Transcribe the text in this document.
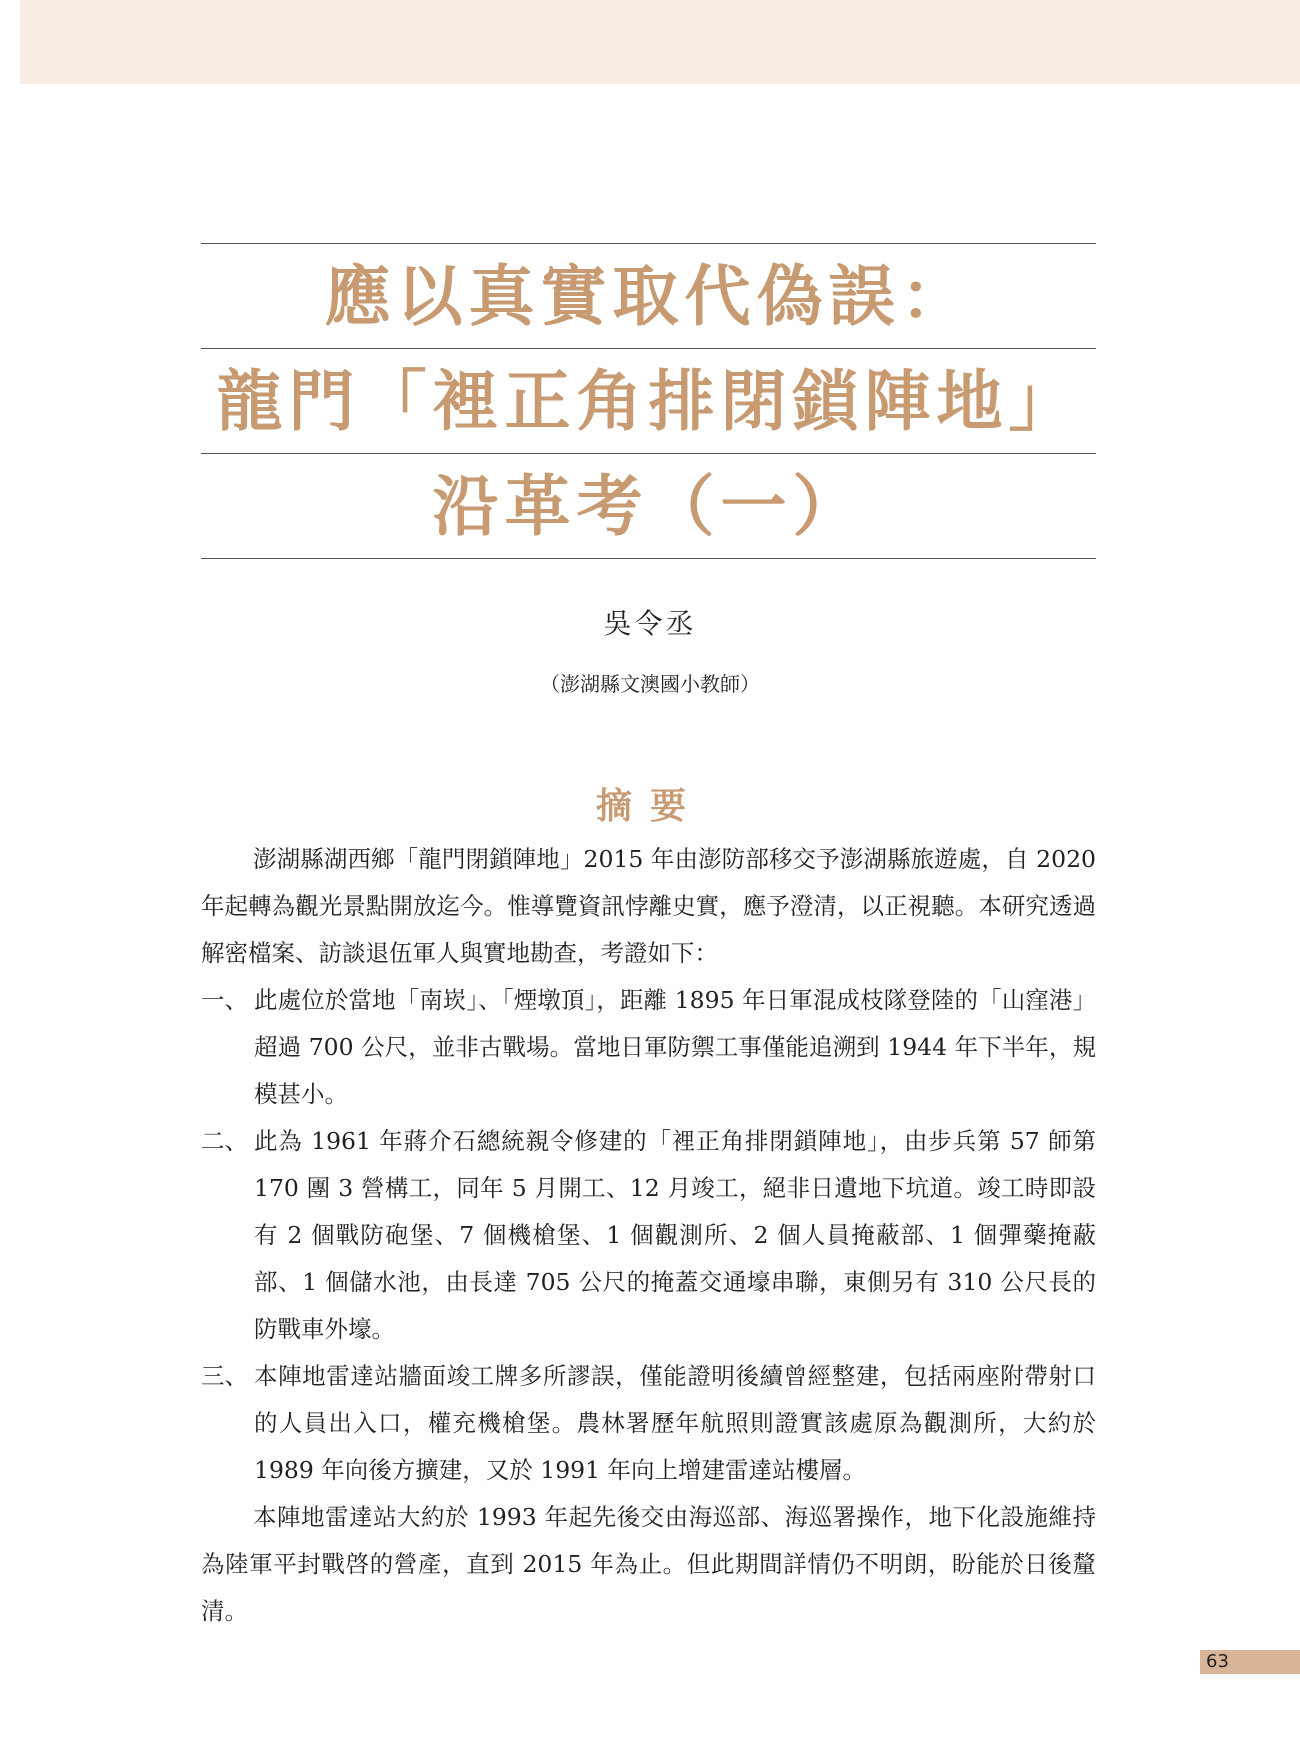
應以真實取代偽誤：
龍門「裡正角排閉鎖陣地」
沿革考（一）
吳令丞
（澎湖縣文澳國小教師）
摘要

澎湖縣湖西鄉「龍門閉鎖陣地」2015 年由澎防部移交予澎湖縣旅遊處，自 2020 年起轉為觀光景點開放迄今。惟導覽資訊悖離史實，應予澄清，以正視聽。本研究透過解密檔案、訪談退伍軍人與實地勘查，考證如下：

一、 此處位於當地「南崁」、「煙墩頂」，距離 1895 年日軍混成枝隊登陸的「山窪港」超過 700 公尺，並非古戰場。當地日軍防禦工事僅能追溯到 1944 年下半年，規模甚小。

二、 此為 1961 年蔣介石總統親令修建的「裡正角排閉鎖陣地」，由步兵第 57 師第 170 團 3 營構工，同年 5 月開工、12 月竣工，絕非日遺地下坑道。竣工時即設有 2 個戰防砲堡、7 個機槍堡、1 個觀測所、2 個人員掩蔽部、1 個彈藥掩蔽部、1 個儲水池，由長達 705 公尺的掩蓋交通壕串聯，東側另有 310 公尺長的防戰車外壕。

三、 本陣地雷達站牆面竣工牌多所謬誤，僅能證明後續曾經整建，包括兩座附帶射口的人員出入口，權充機槍堡。農林署歷年航照則證實該處原為觀測所，大約於 1989 年向後方擴建，又於 1991 年向上增建雷達站樓層。

本陣地雷達站大約於 1993 年起先後交由海巡部、海巡署操作，地下化設施維持為陸軍平封戰啓的營產，直到 2015 年為止。但此期間詳情仍不明朗，盼能於日後釐清。

63
